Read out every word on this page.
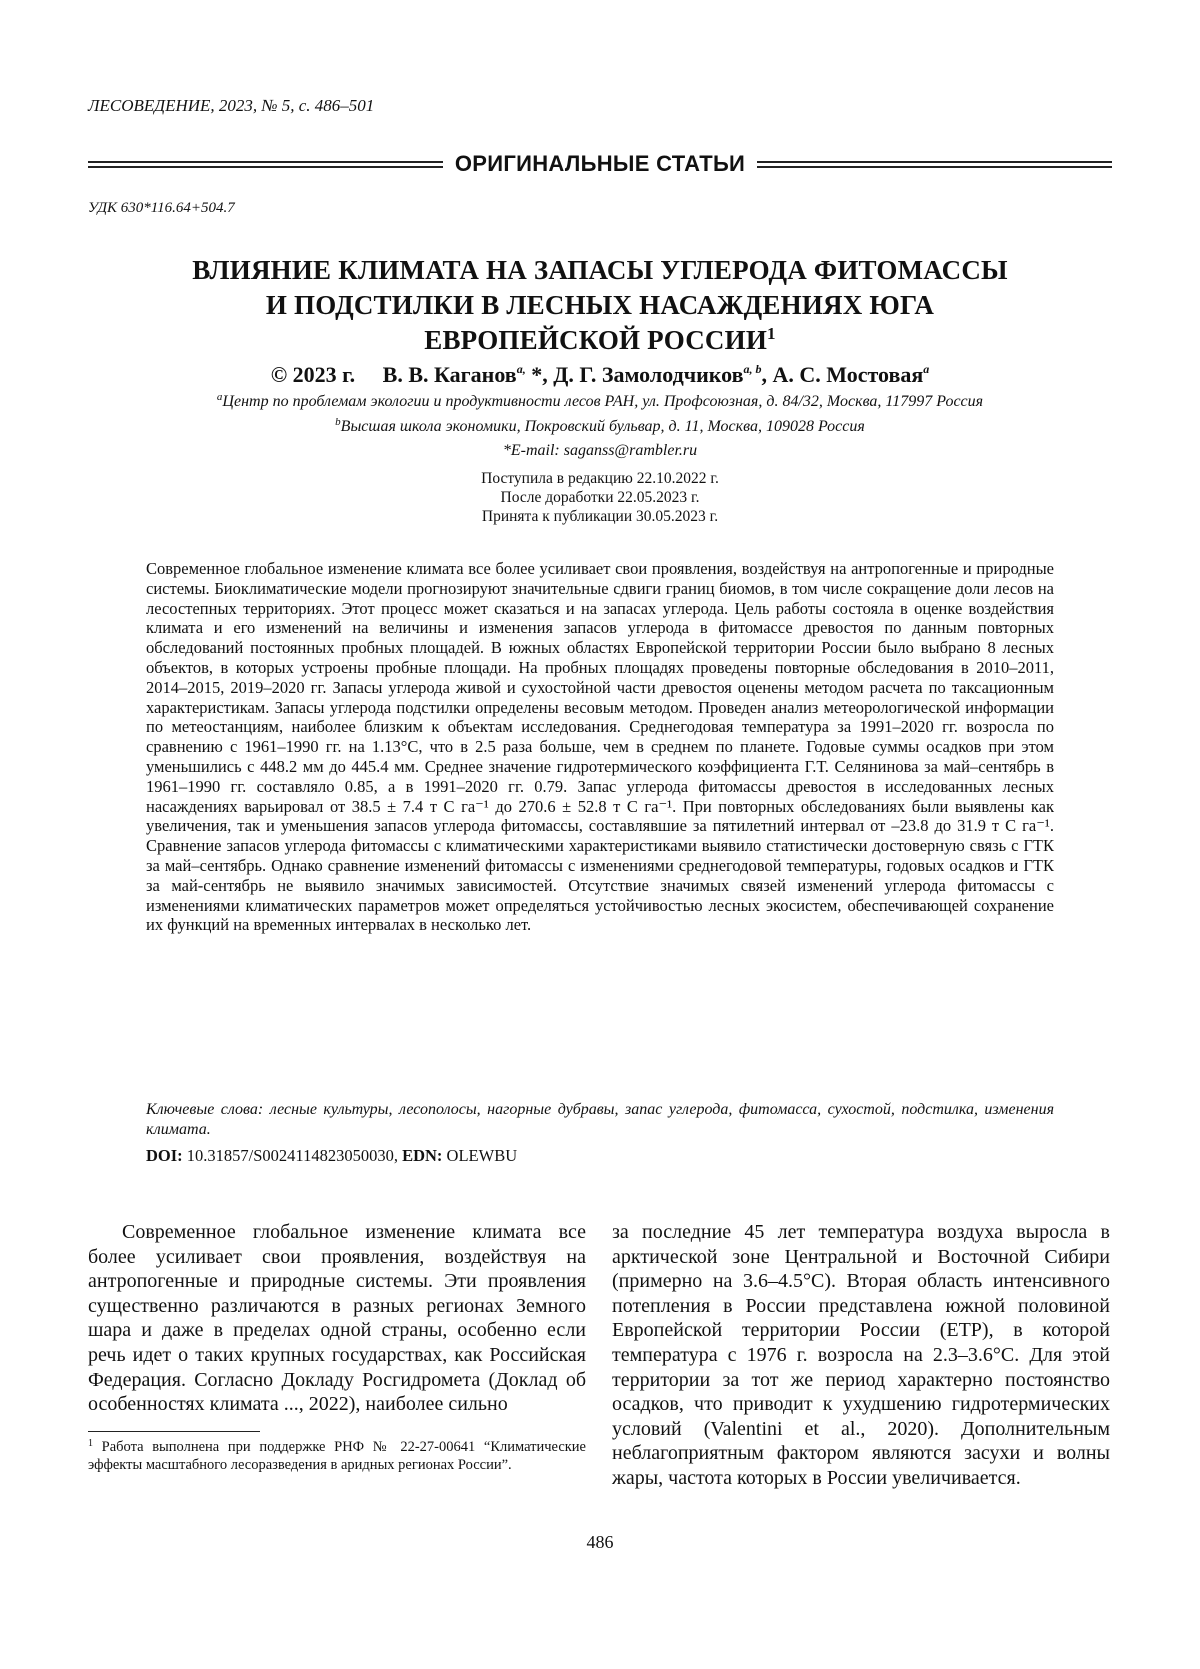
ЛЕСОВЕДЕНИЕ, 2023, № 5, с. 486–501
ОРИГИНАЛЬНЫЕ СТАТЬИ
УДК 630*116.64+504.7
ВЛИЯНИЕ КЛИМАТА НА ЗАПАСЫ УГЛЕРОДА ФИТОМАССЫ
И ПОДСТИЛКИ В ЛЕСНЫХ НАСАЖДЕНИЯХ ЮГА
ЕВРОПЕЙСКОЙ РОССИИ$^1$
© 2023 г. В. В. Каганов$^{a,}$ *, Д. Г. Замолодчиков$^{a, b}$, А. С. Мостовая$^a$
$^a$Центр по проблемам экологии и продуктивности лесов РАН, ул. Профсоюзная, д. 84/32, Москва, 117997 Россия
$^b$Высшая школа экономики, Покровский бульвар, д. 11, Москва, 109028 Россия
*E-mail: saganss@rambler.ru
Поступила в редакцию 22.10.2022 г.
После доработки 22.05.2023 г.
Принята к публикации 30.05.2023 г.

Современное глобальное изменение климата все более усиливает свои проявления, воздействуя на антропогенные и природные системы. Биоклиматические модели прогнозируют значительные сдвиги границ биомов, в том числе сокращение доли лесов на лесостепных территориях. Этот процесс может сказаться и на запасах углерода. Цель работы состояла в оценке воздействия климата и его изменений на величины и изменения запасов углерода в фитомассе древостоя по данным повторных обследований постоянных пробных площадей. В южных областях Европейской территории России было выбрано 8 лесных объектов, в которых устроены пробные площади. На пробных площадях проведены повторные обследования в 2010–2011, 2014–2015, 2019–2020 гг. Запасы углерода живой и сухостойной части древостоя оценены методом расчета по таксационным характеристикам. Запасы углерода подстилки определены весовым методом. Проведен анализ метеорологической информации по метеостанциям, наиболее близким к объектам исследования. Среднегодовая температура за 1991–2020 гг. возросла по сравнению с 1961–1990 гг. на 1.13°С, что в 2.5 раза больше, чем в среднем по планете. Годовые суммы осадков при этом уменьшились с 448.2 мм до 445.4 мм. Среднее значение гидротермического коэффициента Г.Т. Селянинова за май–сентябрь в 1961–1990 гг. составляло 0.85, а в 1991–2020 гг. 0.79. Запас углерода фитомассы древостоя в исследованных лесных насаждениях варьировал от 38.5 ± 7.4 т С га⁻¹ до 270.6 ± 52.8 т С га⁻¹. При повторных обследованиях были выявлены как увеличения, так и уменьшения запасов углерода фитомассы, составлявшие за пятилетний интервал от –23.8 до 31.9 т С га⁻¹. Сравнение запасов углерода фитомассы с климатическими характеристиками выявило статистически достоверную связь с ГТК за май–сентябрь. Однако сравнение изменений фитомассы с изменениями среднегодовой температуры, годовых осадков и ГТК за май-сентябрь не выявило значимых зависимостей. Отсутствие значимых связей изменений углерода фитомассы с изменениями климатических параметров может определяться устойчивостью лесных экосистем, обеспечивающей сохранение их функций на временных интервалах в несколько лет.

Ключевые слова: лесные культуры, лесополосы, нагорные дубравы, запас углерода, фитомасса, сухостой, подстилка, изменения климата.

DOI: 10.31857/S0024114823050030, EDN: OLEWBU

Современное глобальное изменение климата все более усиливает свои проявления, воздействуя на антропогенные и природные системы. Эти проявления существенно различаются в разных регионах Земного шара и даже в пределах одной страны, особенно если речь идет о таких крупных государствах, как Российская Федерация. Согласно Докладу Росгидромета (Доклад об особенностях климата ..., 2022), наиболее сильно

за последние 45 лет температура воздуха выросла в арктической зоне Центральной и Восточной Сибири (примерно на 3.6–4.5°С). Вторая область интенсивного потепления в России представлена южной половиной Европейской территории России (ЕТР), в которой температура с 1976 г. возросла на 2.3–3.6°С. Для этой территории за тот же период характерно постоянство осадков, что приводит к ухудшению гидротермических условий (Valentini et al., 2020). Дополнительным неблагоприятным фактором являются засухи и волны жары, частота которых в России увеличивается.

$^1$ Работа выполнена при поддержке РНФ № 22-27-00641 “Климатические эффекты масштабного лесоразведения в аридных регионах России”.

486
